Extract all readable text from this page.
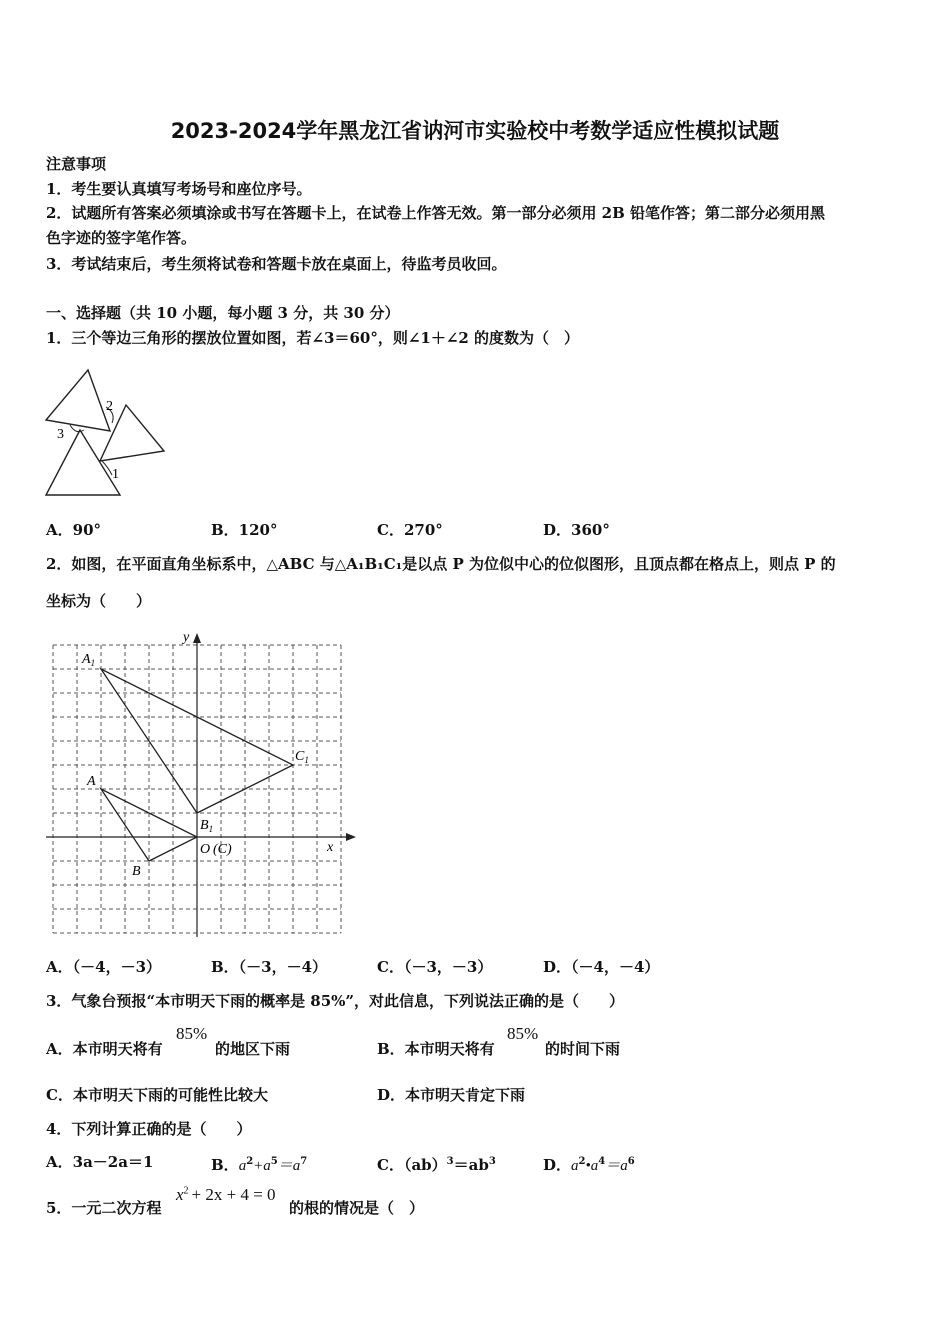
2023-2024学年黑龙江省讷河市实验校中考数学适应性模拟试题
注意事项
1．考生要认真填写考场号和座位序号。
2．试题所有答案必须填涂或书写在答题卡上，在试卷上作答无效。第一部分必须用 2B 铅笔作答；第二部分必须用黑
色字迹的签字笔作答。
3．考试结束后，考生须将试卷和答题卡放在桌面上，待监考员收回。
一、选择题（共 10 小题，每小题 3 分，共 30 分）
1．三个等边三角形的摆放位置如图，若∠3＝60°，则∠1＋∠2 的度数为（　）
3
2
1
A．90°	B．120°	C．270°	D．360°
2．如图，在平面直角坐标系中，△ABC 与△A₁B₁C₁是以点 P 为位似中心的位似图形，且顶点都在格点上，则点 P 的
坐标为（　　）
y
x
$A_1$
A
B
$B_1$
$C_1$
O (C)
A．（－4，－3）	B．（－3，－4）	C．（－3，－3）	D．（－4，－4）
3．气象台预报“本市明天下雨的概率是 85%”，对此信息，下列说法正确的是（　　）
A．本市明天将有
85%
的地区下雨	B．本市明天将有
85%
的时间下雨
C．本市明天下雨的可能性比较大	D．本市明天肯定下雨
4．下列计算正确的是（　　）
A．3a－2a＝1	B．$a^2+a^5=a^7$	C．$(ab)^3=ab^3$	D．$a^2•a^4=a^6$
5．一元二次方程
$x^2 + 2x + 4 = 0$
的根的情况是（　）
